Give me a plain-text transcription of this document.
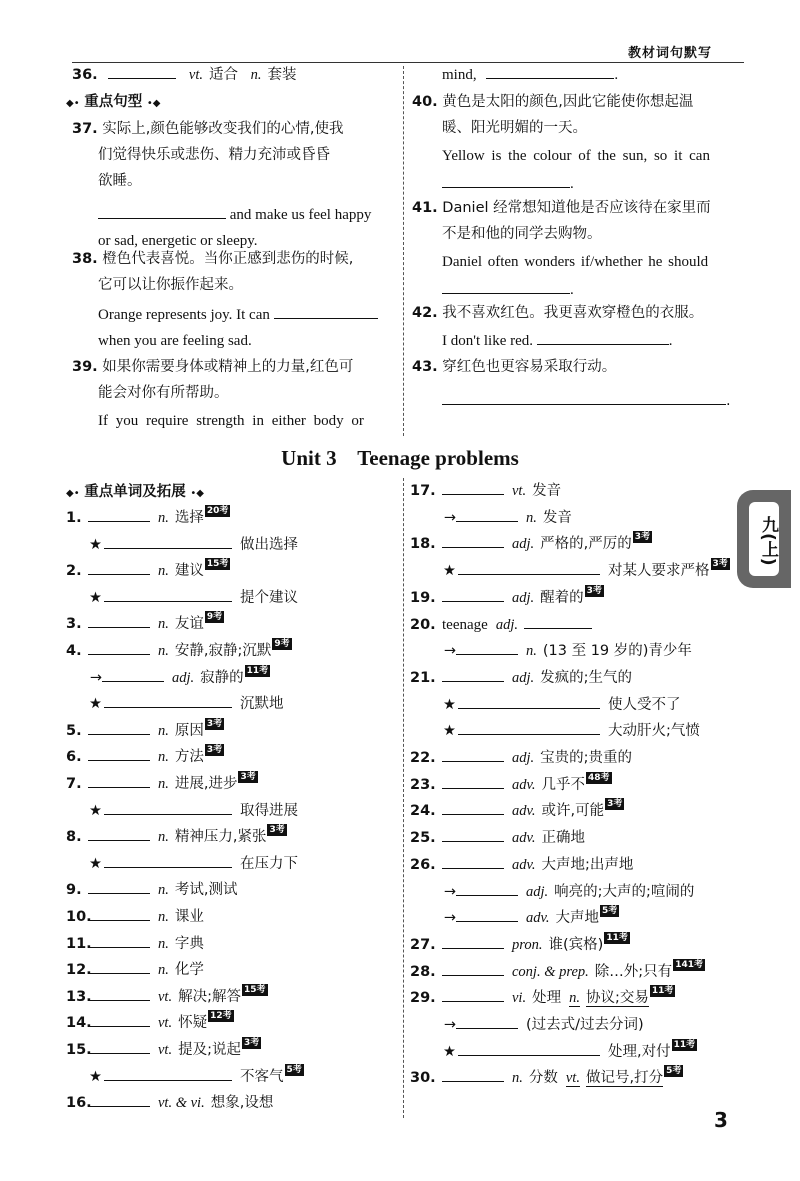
教材词句默写
36.	vt. 适合 n. 套装
◆• 重点句型 •◆
37. 实际上,颜色能够改变我们的心情,使我
们觉得快乐或悲伤、精力充沛或昏昏
欲睡。
and make us feel happy
or sad, energetic or sleepy.
38. 橙色代表喜悦。当你正感到悲伤的时候,
它可以让你振作起来。
Orange represents joy. It can
when you are feeling sad.
39. 如果你需要身体或精神上的力量,红色可
能会对你有所帮助。
If you require strength in either body or
mind,	.
40. 黄色是太阳的颜色,因此它能使你想起温
暖、阳光明媚的一天。
Yellow is the colour of the sun, so it can
.
41. Daniel 经常想知道他是否应该待在家里而
不是和他的同学去购物。
Daniel often wonders if/whether he should
.
42. 我不喜欢红色。我更喜欢穿橙色的衣服。
I don't like red.	.
43. 穿红色也更容易采取行动。
.
Unit 3    Teenage problems
九(上)
◆• 重点单词及拓展 •◆
1.	n. 选择 20考
★	做出选择
2.	n. 建议 15考
★	提个建议
3.	n. 友谊 9考
4.	n. 安静,寂静;沉默 9考
→	adj. 寂静的 11考
★	沉默地
5.	n. 原因 3考
6.	n. 方法 3考
7.	n. 进展,进步 3考
★	取得进展
8.	n. 精神压力,紧张 3考
★	在压力下
9.	n. 考试,测试
10.	n. 课业
11.	n. 字典
12.	n. 化学
13.	vt. 解决;解答 15考
14.	vt. 怀疑 12考
15.	vt. 提及;说起 3考
★	不客气 5考
16.	vt. & vi. 想象,设想
17.	vt. 发音
→	n. 发音
18.	adj. 严格的,严厉的 3考
★	对某人要求严格 3考
19.	adj. 醒着的 3考
20. teenage adj.
→	n. (13 至 19 岁的)青少年
21.	adj. 发疯的;生气的
★	使人受不了
★	大动肝火;气愤
22.	adj. 宝贵的;贵重的
23.	adv. 几乎不 48考
24.	adv. 或许,可能 3考
25.	adv. 正确地
26.	adv. 大声地;出声地
→	adj. 响亮的;大声的;喧闹的
→	adv. 大声地 5考
27.	pron. 谁(宾格) 11考
28.	conj. & prep. 除…外;只有 141考
29.	vi. 处理 n. 协议;交易 11考
→	(过去式/过去分词)
★	处理,对付 11考
30.	n. 分数 vt. 做记号,打分 5考
3
